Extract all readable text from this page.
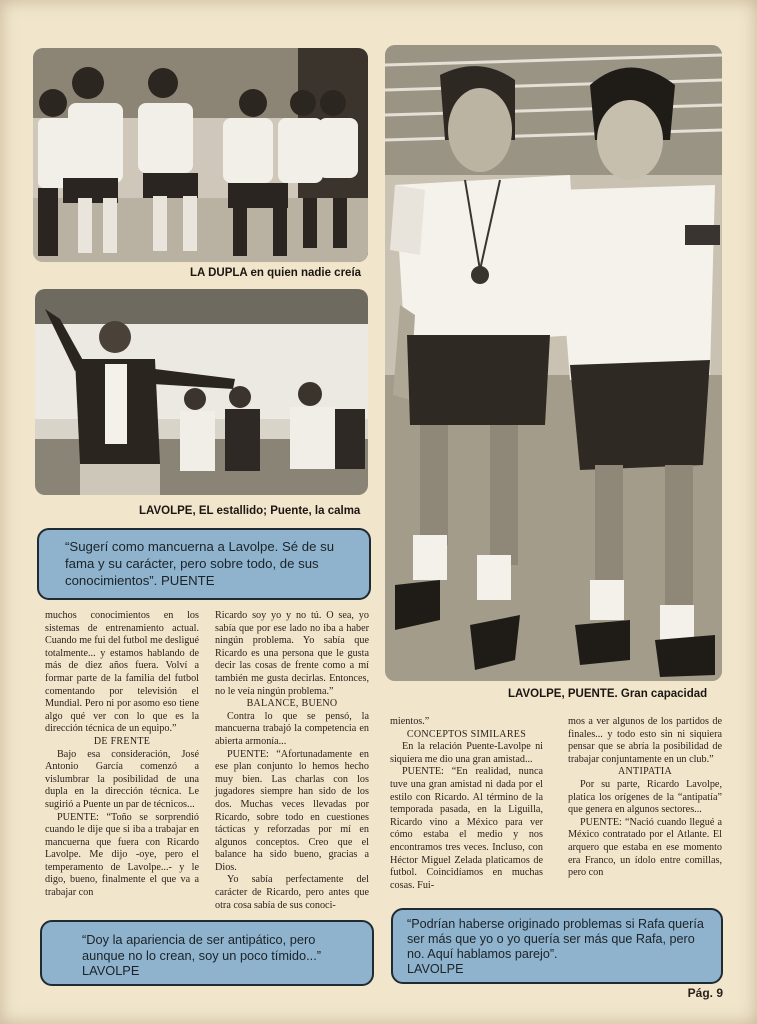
LA DUPLA en quien nadie creía
LAVOLPE, EL estallido; Puente, la calma
LAVOLPE, PUENTE. Gran capacidad

“Sugerí como mancuerna a Lavolpe. Sé de su fama y su carácter, pero sobre todo, de sus conocimientos”. PUENTE

muchos conocimientos en los sistemas de entrenamiento actual. Cuando me fui del futbol me desligué totalmente... y estamos hablando de más de diez años fuera. Volví a formar parte de la familia del futbol comentando por televisión el Mundial. Pero ni por asomo eso tiene algo qué ver con lo que es la dirección técnica de un equipo.”

DE FRENTE

Bajo esa consideración, José Antonio García comenzó a vislumbrar la posibilidad de una dupla en la dirección técnica. Le sugirió a Puente un par de técnicos...

PUENTE: “Toño se sorprendió cuando le dije que si iba a trabajar en mancuerna que fuera con Ricardo Lavolpe. Me dijo -oye, pero el temperamento de Lavolpe...- y le digo, bueno, finalmente el que va a trabajar con

Ricardo soy yo y no tú. O sea, yo sabía que por ese lado no iba a haber ningún problema. Yo sabía que Ricardo es una persona que le gusta decir las cosas de frente como a mí también me gusta decirlas. Entonces, no le veía ningún problema.”

BALANCE, BUENO

Contra lo que se pensó, la mancuerna trabajó la competencia en abierta armonía...

PUENTE: “Afortunadamente en ese plan conjunto lo hemos hecho muy bien. Las charlas con los jugadores siempre han sido de los dos. Muchas veces llevadas por Ricardo, sobre todo en cuestiones tácticas y reforzadas por mí en algunos conceptos. Creo que el balance ha sido bueno, gracias a Dios.

Yo sabía perfectamente del carácter de Ricardo, pero antes que otra cosa sabía de sus conoci-

mientos.”

CONCEPTOS SIMILARES

En la relación Puente-Lavolpe ni siquiera me dio una gran amistad...

PUENTE: “En realidad, nunca tuve una gran amistad ni dada por el estilo con Ricardo. Al término de la temporada pasada, en la Liguilla, Ricardo vino a México para ver cómo estaba el medio y nos encontramos tres veces. Incluso, con Héctor Miguel Zelada platicamos de futbol. Coincidíamos en muchas cosas. Fui-

mos a ver algunos de los partidos de finales... y todo esto sin ni siquiera pensar que se abría la posibilidad de trabajar conjuntamente en un club.”

ANTIPATIA

Por su parte, Ricardo Lavolpe, platica los orígenes de la “antipatía” que genera en algunos sectores...

PUENTE: “Nació cuando llegué a México contratado por el Atlante. El arquero que estaba en ese momento era Franco, un ídolo entre comillas, pero con

“Doy la apariencia de ser antipático, pero aunque no lo crean, soy un poco tímido...”

LAVOLPE

“Podrían haberse originado problemas si Rafa quería ser más que yo o yo quería ser más que Rafa, pero no. Aquí hablamos parejo”.

LAVOLPE

Pág. 9
